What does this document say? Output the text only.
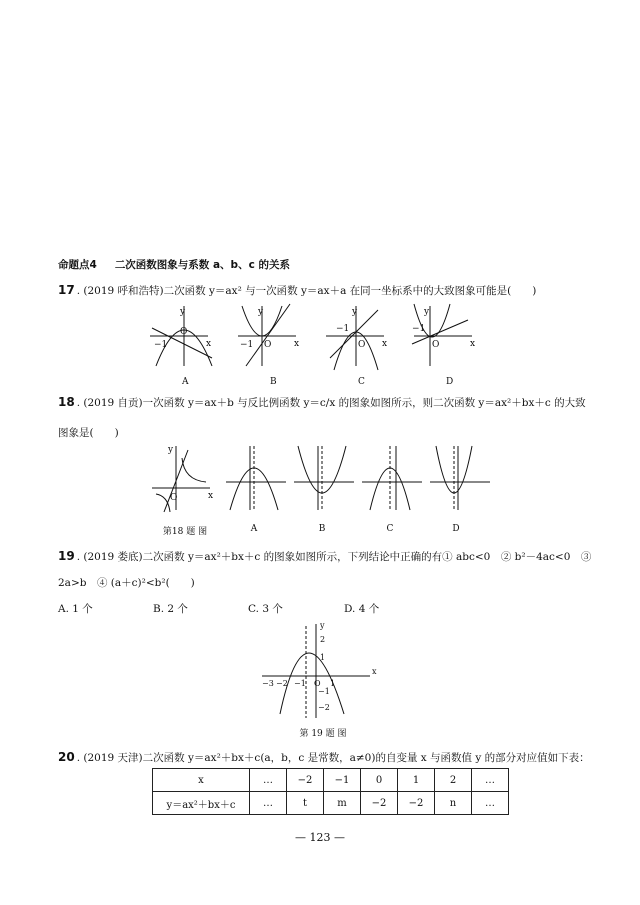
命题点4 二次函数图象与系数 a、b、c 的关系
17 . (2019 呼和浩特)二次函数 y＝ax² 与一次函数 y＝ax＋a 在同一坐标系中的大致图象可能是(　　)
y
x
O
−1
y
x
O
−1
y
x
O
−1
y
x
O
−1
A	B	C	D
18 . (2019 自贡)一次函数 y＝ax＋b 与反比例函数 y＝c/x 的图象如图所示，则二次函数 y＝ax²＋bx＋c 的大致
图象是(　　)
y
x
O
第18 题 图	A	B	C	D
19 . (2019 娄底)二次函数 y＝ax²＋bx＋c 的图象如图所示，下列结论中正确的有① abc<0　② b²－4ac<0　③
2a>b　④ (a＋c)²<b²(　　)
A. 1 个	B. 2 个	C. 3 个	D. 4 个
y
x
−3 −2 −1 O 1
2
1
−1
−2
第 19 题 图
20 . (2019 天津)二次函数 y＝ax²＋bx＋c(a，b，c 是常数，a≠0)的自变量 x 与函数值 y 的部分对应值如下表：
x	…	−2	−1	0	1	2	…
y＝ax²＋bx＋c	…	t	m	−2	−2	n	…
— 123 —
